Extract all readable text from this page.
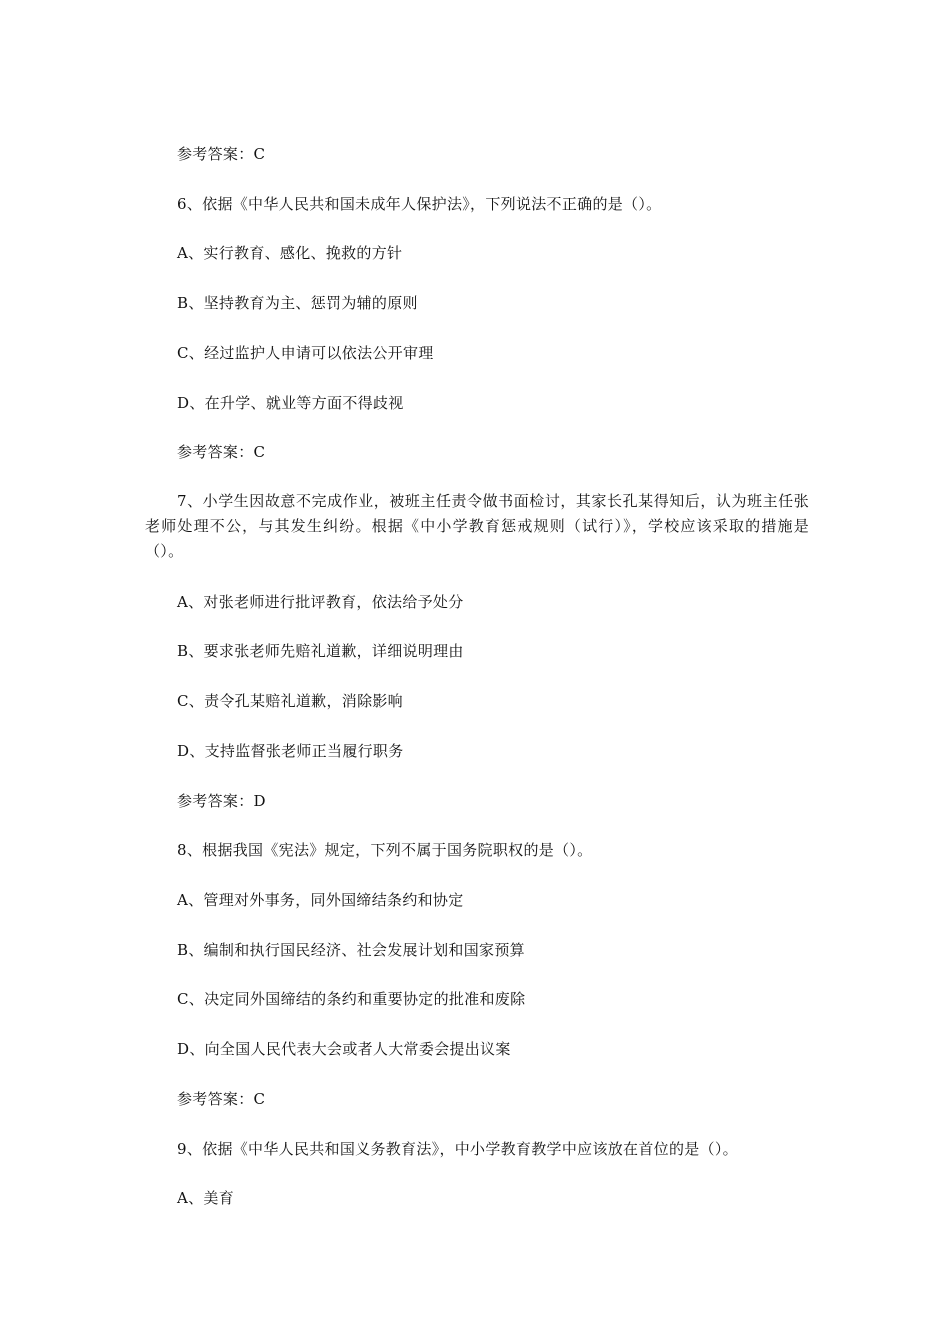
参考答案：C
6、依据《中华人民共和国未成年人保护法》，下列说法不正确的是（）。
A、实行教育、感化、挽救的方针
B、坚持教育为主、惩罚为辅的原则
C、经过监护人申请可以依法公开审理
D、在升学、就业等方面不得歧视
参考答案：C
7、小学生因故意不完成作业，被班主任责令做书面检讨，其家长孔某得知后，认为班主任张老师处理不公，与其发生纠纷。根据《中小学教育惩戒规则（试行）》，学校应该采取的措施是（）。
A、对张老师进行批评教育，依法给予处分
B、要求张老师先赔礼道歉，详细说明理由
C、责令孔某赔礼道歉，消除影响
D、支持监督张老师正当履行职务
参考答案：D
8、根据我国《宪法》规定，下列不属于国务院职权的是（）。
A、管理对外事务，同外国缔结条约和协定
B、编制和执行国民经济、社会发展计划和国家预算
C、决定同外国缔结的条约和重要协定的批准和废除
D、向全国人民代表大会或者人大常委会提出议案
参考答案：C
9、依据《中华人民共和国义务教育法》，中小学教育教学中应该放在首位的是（）。
A、美育
